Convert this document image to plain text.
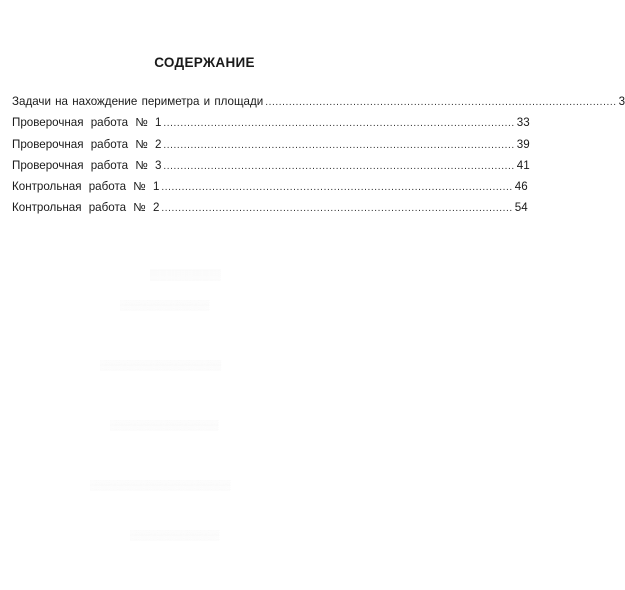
▒▒▒▒▒▒▒▒▒▒
▒▒▒▒▒▒▒▒▒▒▒▒▒▒
▒▒▒▒▒▒▒▒▒▒▒▒▒▒▒▒▒▒▒
▒▒▒▒▒▒▒▒▒▒▒▒▒▒▒▒▒
▒▒▒▒▒▒▒▒▒▒▒▒▒▒▒▒▒▒▒▒▒▒
▒▒▒▒▒▒▒▒▒▒▒▒▒▒
СОДЕРЖАНИЕ
Задачи на нахождение периметра и площади ........................................................................................................ 3
Проверочная работа № 1 ........................................................................................................ 33
Проверочная работа № 2 ........................................................................................................ 39
Проверочная работа № 3 ........................................................................................................ 41
Контрольная работа № 1 ........................................................................................................ 46
Контрольная работа № 2 ........................................................................................................ 54
